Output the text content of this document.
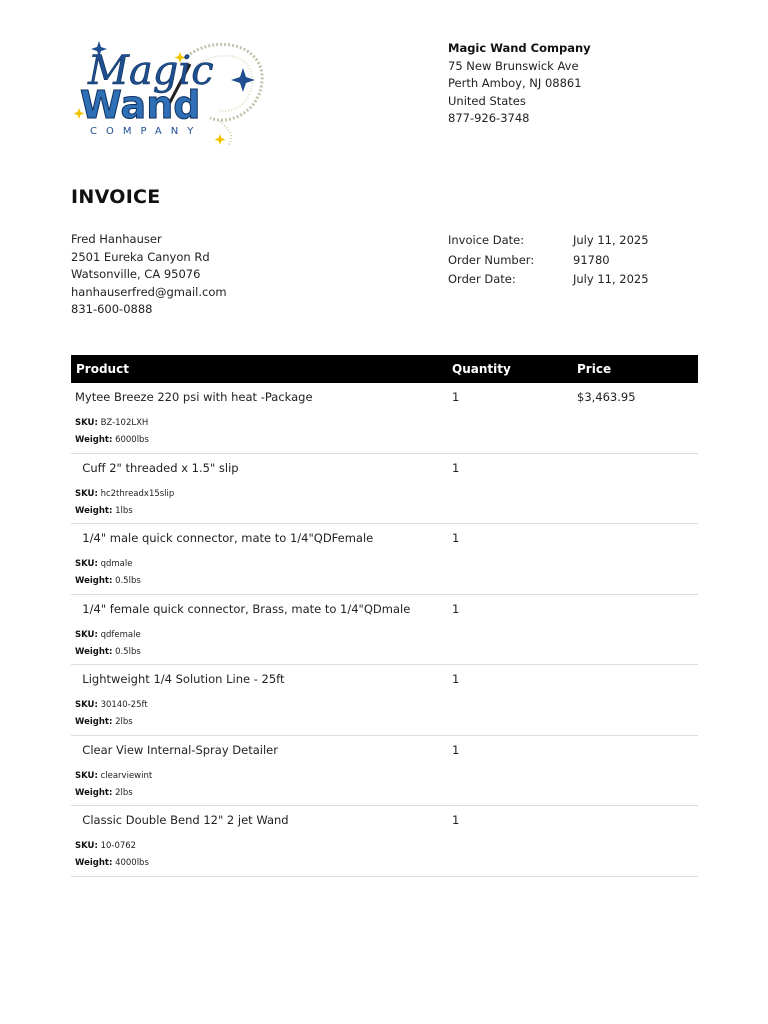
Magic
Wand
COMPANY
Magic Wand Company
75 New Brunswick Ave
Perth Amboy, NJ 08861
United States
877-926-3748
INVOICE
Fred Hanhauser
2501 Eureka Canyon Rd
Watsonville, CA 95076
hanhauserfred@gmail.com
831-600-0888
Invoice Date:	July 11, 2025
Order Number:	91780
Order Date:	July 11, 2025
Product	Quantity	Price
Mytee Breeze 220 psi with heat -Package	1	$3,463.95
SKU: BZ-102LXH
Weight: 6000lbs
Cuff 2" threaded x 1.5" slip	1
SKU: hc2threadx15slip
Weight: 1lbs
1/4" male quick connector, mate to 1/4"QDFemale	1
SKU: qdmale
Weight: 0.5lbs
1/4" female quick connector, Brass, mate to 1/4"QDmale	1
SKU: qdfemale
Weight: 0.5lbs
Lightweight 1/4 Solution Line - 25ft	1
SKU: 30140-25ft
Weight: 2lbs
Clear View Internal-Spray Detailer	1
SKU: clearviewint
Weight: 2lbs
Classic Double Bend 12" 2 jet Wand	1
SKU: 10-0762
Weight: 4000lbs
